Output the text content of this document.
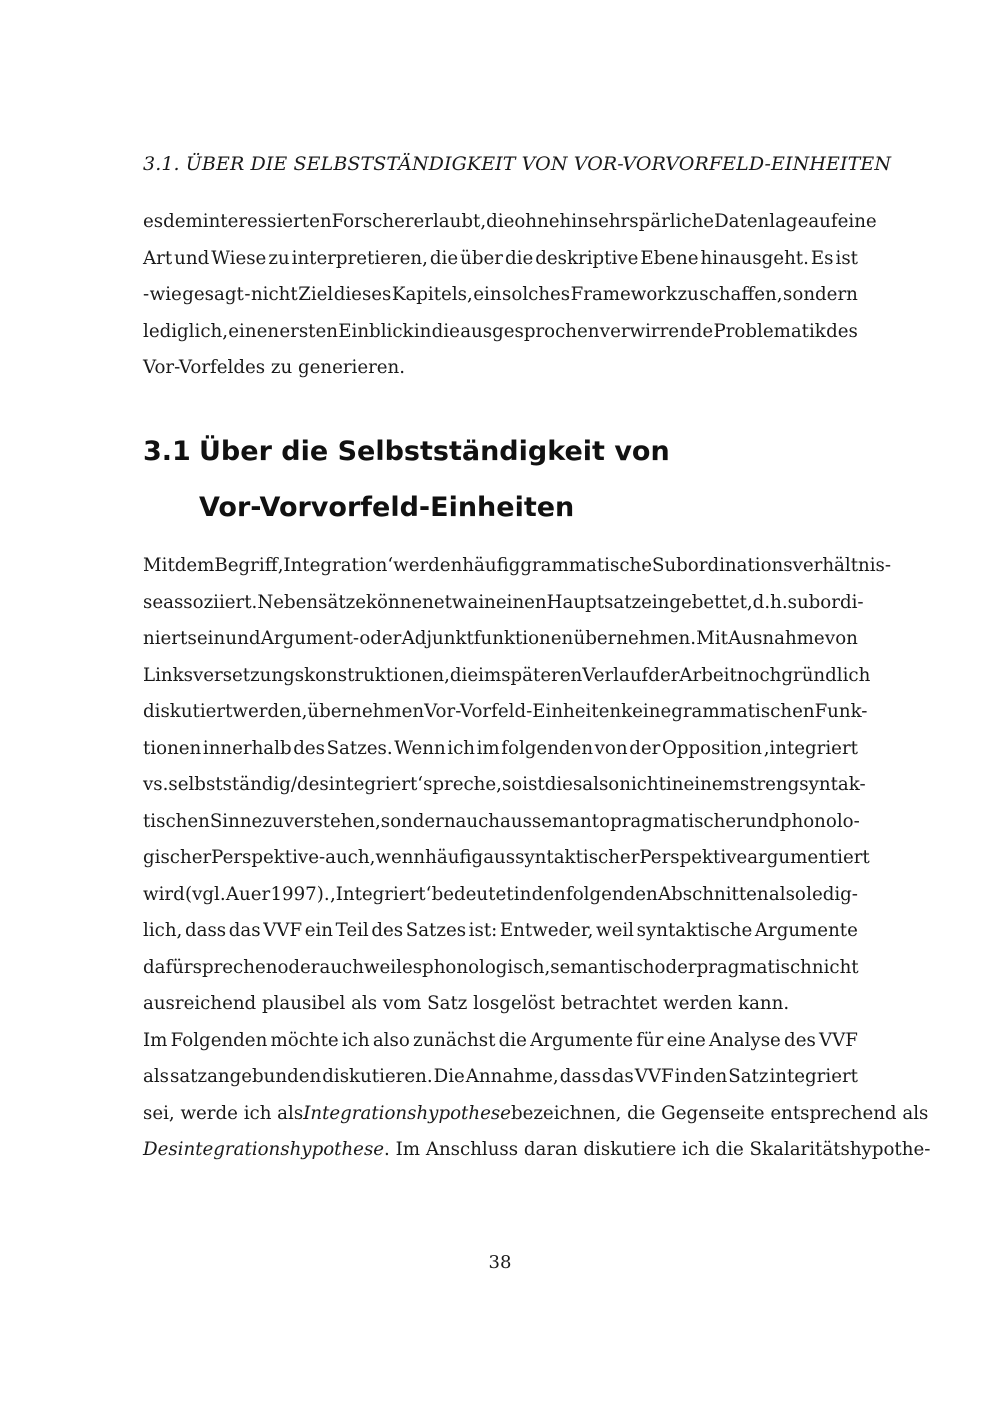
3.1. ÜBER DIE SELBSTSTÄNDIGKEIT VON VOR-VORVORFELD-EINHEITEN
es dem interessierten Forscher erlaubt, die ohnehin sehr spärliche Datenlage auf eine
Art und Wiese zu interpretieren, die über die deskriptive Ebene hinausgeht. Es ist
- wie gesagt - nicht Ziel dieses Kapitels, ein solches Framework zu schaffen, sondern
lediglich, einen ersten Einblick in die ausgesprochen verwirrende Problematik des
Vor-Vorfeldes zu generieren.
3.1 Über die Selbstständigkeit von
Vor-Vorvorfeld-Einheiten
Mit dem Begriff ‚Integration‘ werden häufig grammatische Subordinationsverhältnis-
se assoziiert. Nebensätze können etwa in einen Hauptsatz eingebettet, d. h. subordi-
niert sein und Argument- oder Adjunktfunktionen übernehmen. Mit Ausnahme von
Linksversetzungskonstruktionen, die im späteren Verlauf der Arbeit noch gründlich
diskutiert werden, übernehmen Vor-Vorfeld-Einheiten keine grammatischen Funk-
tionen innerhalb des Satzes. Wenn ich im folgenden von der Opposition ‚integriert
vs. selbstständig/desintegriert‘ spreche, so ist dies also nicht in einem streng syntak-
tischen Sinne zu verstehen, sondern auch aus semantopragmatischer und phonolo-
gischer Perspektive - auch, wenn häufig aus syntaktischer Perspektive argumentiert
wird (vgl. Auer 1997). ‚Integriert‘ bedeutet in den folgenden Abschnitten also ledig-
lich, dass das VVF ein Teil des Satzes ist: Entweder, weil syntaktische Argumente
dafür sprechen oder auch weil es phonologisch, semantisch oder pragmatisch nicht
ausreichend plausibel als vom Satz losgelöst betrachtet werden kann.
Im Folgenden möchte ich also zunächst die Argumente für eine Analyse des VVF
als satzangebunden diskutieren. Die Annahme, dass das VVF in den Satz integriert
sei, werde ich alsIntegrationshypothese bezeichnen, die Gegenseite entsprechend als
Desintegrationshypothese . Im Anschluss daran diskutiere ich die Skalaritätshypothe-
38
